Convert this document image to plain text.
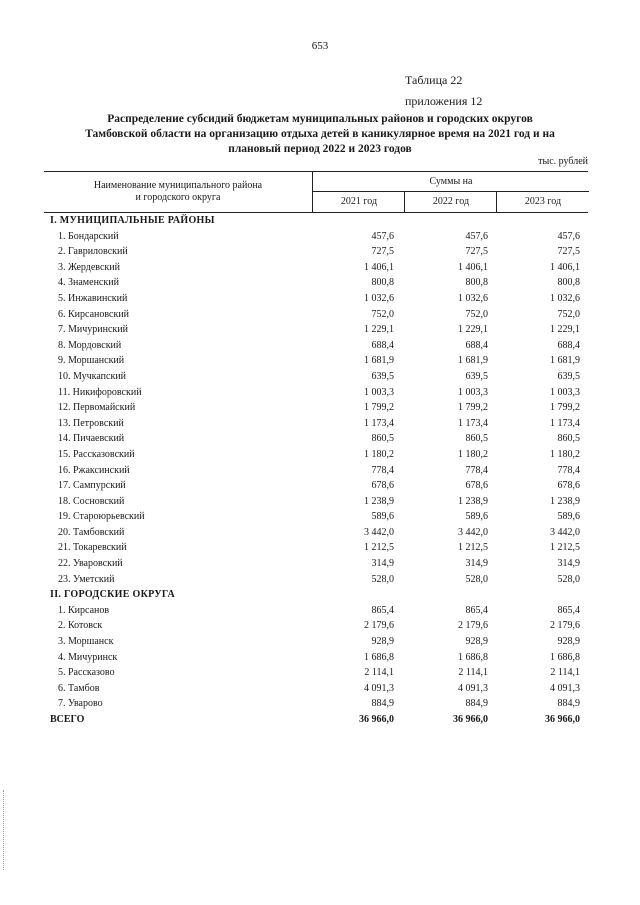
653
Таблица 22
приложения 12
Распределение субсидий бюджетам муниципальных районов и городских округов
Тамбовской области на организацию отдыха детей в каникулярное время на 2021 год и на
плановый период 2022 и 2023 годов
тыс. рублей
Наименование муниципального района
и городского округа
Суммы на
2021 год	2022 год	2023 год
I. МУНИЦИПАЛЬНЫЕ РАЙОНЫ
1. Бондарский	457,6	457,6	457,6
2. Гавриловский	727,5	727,5	727,5
3. Жердевский	1 406,1	1 406,1	1 406,1
4. Знаменский	800,8	800,8	800,8
5. Инжавинский	1 032,6	1 032,6	1 032,6
6. Кирсановский	752,0	752,0	752,0
7. Мичуринский	1 229,1	1 229,1	1 229,1
8. Мордовский	688,4	688,4	688,4
9. Моршанский	1 681,9	1 681,9	1 681,9
10. Мучкапский	639,5	639,5	639,5
11. Никифоровский	1 003,3	1 003,3	1 003,3
12. Первомайский	1 799,2	1 799,2	1 799,2
13. Петровский	1 173,4	1 173,4	1 173,4
14. Пичаевский	860,5	860,5	860,5
15. Рассказовский	1 180,2	1 180,2	1 180,2
16. Ржаксинский	778,4	778,4	778,4
17. Сампурский	678,6	678,6	678,6
18. Сосновский	1 238,9	1 238,9	1 238,9
19. Староюрьевский	589,6	589,6	589,6
20. Тамбовский	3 442,0	3 442,0	3 442,0
21. Токаревский	1 212,5	1 212,5	1 212,5
22. Уваровский	314,9	314,9	314,9
23. Уметский	528,0	528,0	528,0
II. ГОРОДСКИЕ ОКРУГА
1. Кирсанов	865,4	865,4	865,4
2. Котовск	2 179,6	2 179,6	2 179,6
3. Моршанск	928,9	928,9	928,9
4. Мичуринск	1 686,8	1 686,8	1 686,8
5. Рассказово	2 114,1	2 114,1	2 114,1
6. Тамбов	4 091,3	4 091,3	4 091,3
7. Уварово	884,9	884,9	884,9
ВСЕГО	36 966,0	36 966,0	36 966,0
